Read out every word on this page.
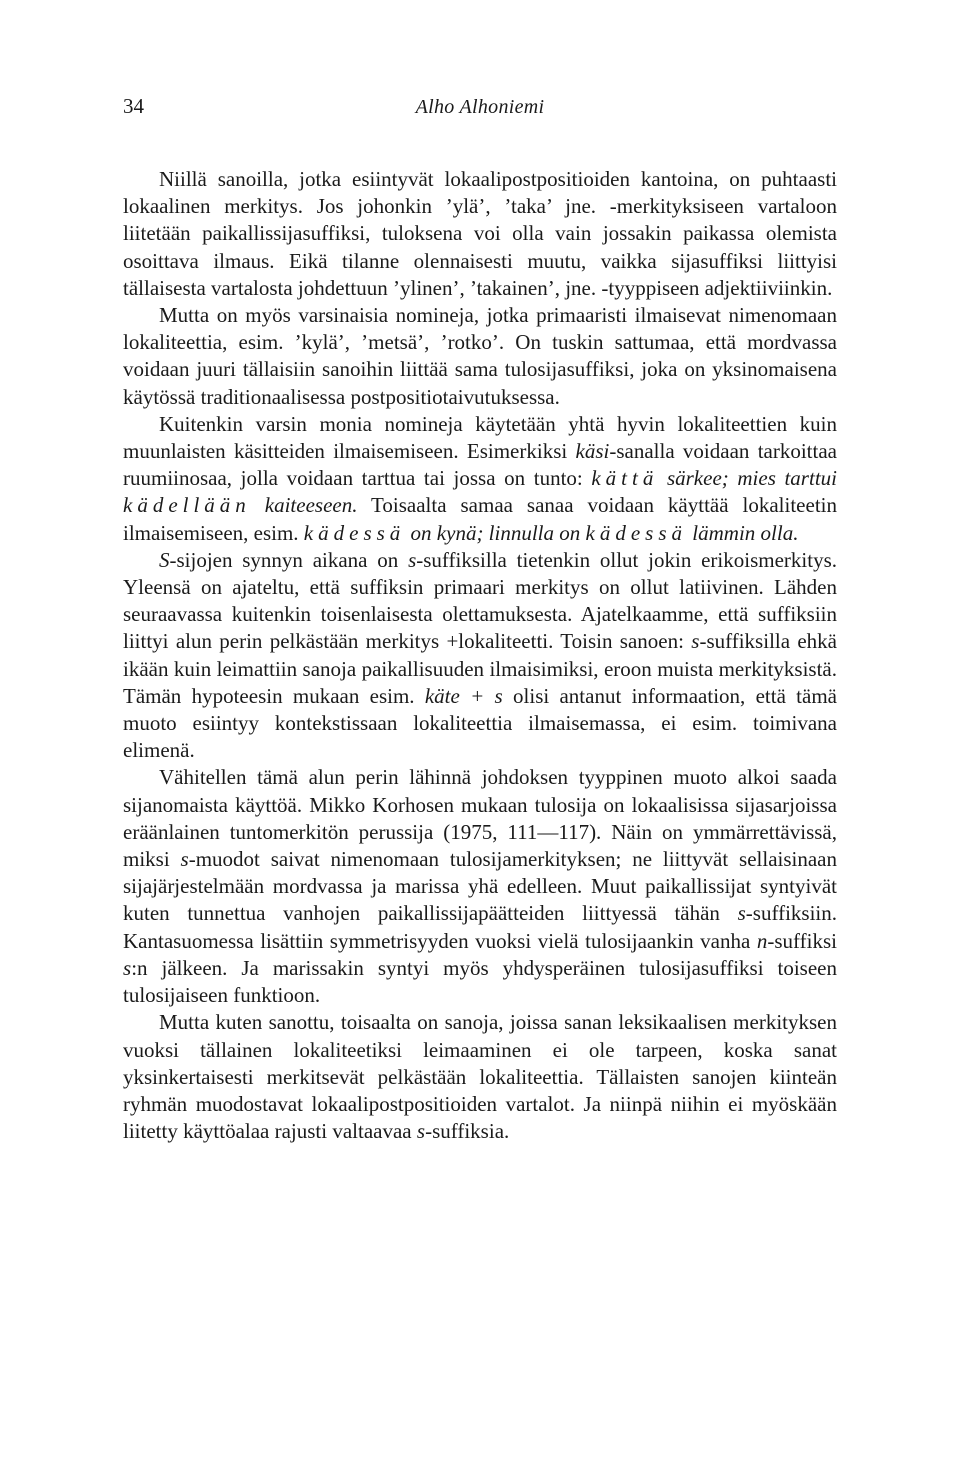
34	Alho Alhoniemi

Niillä sanoilla, jotka esiintyvät lokaalipostpositioiden kantoina, on puhtaasti lokaalinen merkitys. Jos johonkin ’ylä’, ’taka’ jne. -merkityksiseen vartaloon liitetään paikallissijasuffiksi, tuloksena voi olla vain jossakin paikassa olemista osoittava ilmaus. Eikä tilanne olennaisesti muutu, vaikka sijasuffiksi liittyisi tällaisesta vartalosta johdettuun ’ylinen’, ’takainen’, jne. -tyyppiseen adjektiiviinkin.

Mutta on myös varsinaisia nomineja, jotka primaaristi ilmaisevat nimenomaan lokaliteettia, esim. ’kylä’, ’metsä’, ’rotko’. On tuskin sattumaa, että mordvassa voidaan juuri tällaisiin sanoihin liittää sama tulosijasuffiksi, joka on yksinomaisena käytössä traditionaalisessa postpositiotaivutuksessa.

Kuitenkin varsin monia nomineja käytetään yhtä hyvin lokaliteettien kuin muunlaisten käsitteiden ilmaisemiseen. Esimerkiksi käsi-sanalla voidaan tarkoittaa ruumiinosaa, jolla voidaan tarttua tai jossa on tunto: kättä särkee; mies tarttui kädellään kaiteeseen. Toisaalta samaa sanaa voidaan käyttää lokaliteetin ilmaisemiseen, esim. kädessä on kynä; linnulla on kädessä lämmin olla.

S-sijojen synnyn aikana on s-suffiksilla tietenkin ollut jokin erikoismerkitys. Yleensä on ajateltu, että suffiksin primaari merkitys on ollut latiivinen. Lähden seuraavassa kuitenkin toisenlaisesta olettamuksesta. Ajatelkaamme, että suffiksiin liittyi alun perin pelkästään merkitys +lokaliteetti. Toisin sanoen: s-suffiksilla ehkä ikään kuin leimattiin sanoja paikallisuuden ilmaisimiksi, eroon muista merkityksistä. Tämän hypoteesin mukaan esim. käte + s olisi antanut informaation, että tämä muoto esiintyy kontekstissaan lokaliteettia ilmaisemassa, ei esim. toimivana elimenä.

Vähitellen tämä alun perin lähinnä johdoksen tyyppinen muoto alkoi saada sijanomaista käyttöä. Mikko Korhosen mukaan tulosija on lokaalisissa sijasarjoissa eräänlainen tuntomerkitön perussija (1975, 111—117). Näin on ymmärrettävissä, miksi s-muodot saivat nimenomaan tulosijamerkityksen; ne liittyvät sellaisinaan sijajärjestelmään mordvassa ja marissa yhä edelleen. Muut paikallissijat syntyivät kuten tunnettua vanhojen paikallissijapäätteiden liittyessä tähän s-suffiksiin. Kantasuomessa lisättiin symmetrisyyden vuoksi vielä tulosijaankin vanha n-suffiksi s:n jälkeen. Ja marissakin syntyi myös yhdysperäinen tulosijasuffiksi toiseen tulosijaiseen funktioon.

Mutta kuten sanottu, toisaalta on sanoja, joissa sanan leksikaalisen merkityksen vuoksi tällainen lokaliteetiksi leimaaminen ei ole tarpeen, koska sanat yksinkertaisesti merkitsevät pelkästään lokaliteettia. Tällaisten sanojen kiinteän ryhmän muodostavat lokaalipostpositioiden vartalot. Ja niinpä niihin ei myöskään liitetty käyttöalaa rajusti valtaavaa s-suffiksia.
